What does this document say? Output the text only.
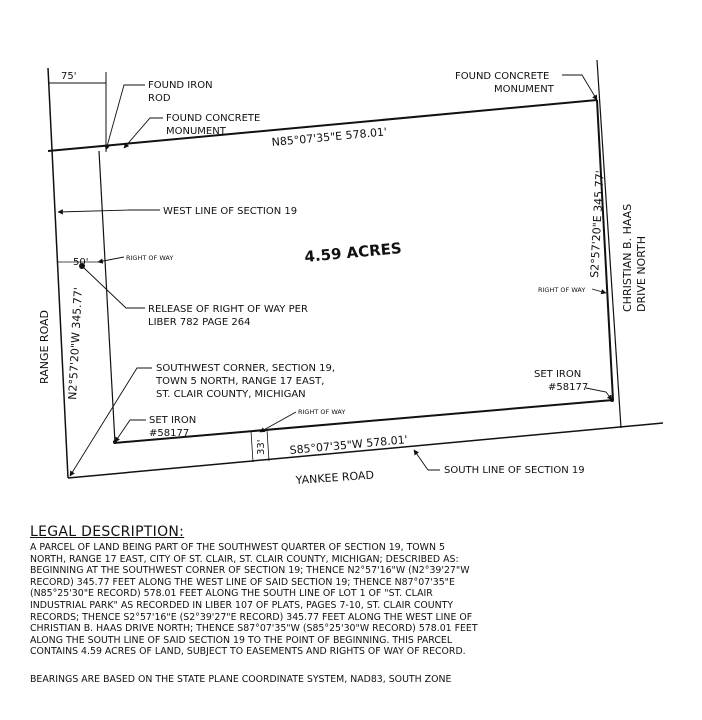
75'
FOUND IRON
ROD
FOUND CONCRETE
MONUMENT
FOUND CONCRETE
MONUMENT
N85°07'35"E 578.01'
WEST LINE OF SECTION 19
4.59 ACRES	S2°57'20"E 345.77' CHRISTIAN B. HAAS DRIVE NORTH
50'	RIGHT OF WAY
RIGHT OF WAY
RIGHT OF WAY
RELEASE OF RIGHT OF WAY PER
LIBER 782 PAGE 264
RANGE ROAD N2°57'20"W 345.77'	SOUTHWEST CORNER, SECTION 19,
TOWN 5 NORTH, RANGE 17 EAST,
ST. CLAIR COUNTY, MICHIGAN
SET IRON
#58177
SET IRON
#58177
33' S85°07'35"W 578.01'
YANKEE ROAD	SOUTH LINE OF SECTION 19

LEGAL DESCRIPTION:

A PARCEL OF LAND BEING PART OF THE SOUTHWEST QUARTER OF SECTION 19, TOWN 5
NORTH, RANGE 17 EAST, CITY OF ST. CLAIR, ST. CLAIR COUNTY, MICHIGAN; DESCRIBED AS:
BEGINNING AT THE SOUTHWEST CORNER OF SECTION 19; THENCE N2°57'16"W (N2°39'27"W
RECORD) 345.77 FEET ALONG THE WEST LINE OF SAID SECTION 19; THENCE N87°07'35"E
(N85°25'30"E RECORD) 578.01 FEET ALONG THE SOUTH LINE OF LOT 1 OF "ST. CLAIR
INDUSTRIAL PARK" AS RECORDED IN LIBER 107 OF PLATS, PAGES 7-10, ST. CLAIR COUNTY
RECORDS; THENCE S2°57'16"E (S2°39'27"E RECORD) 345.77 FEET ALONG THE WEST LINE OF
CHRISTIAN B. HAAS DRIVE NORTH; THENCE S87°07'35"W (S85°25'30"W RECORD) 578.01 FEET
ALONG THE SOUTH LINE OF SAID SECTION 19 TO THE POINT OF BEGINNING. THIS PARCEL
CONTAINS 4.59 ACRES OF LAND, SUBJECT TO EASEMENTS AND RIGHTS OF WAY OF RECORD.

BEARINGS ARE BASED ON THE STATE PLANE COORDINATE SYSTEM, NAD83, SOUTH ZONE
